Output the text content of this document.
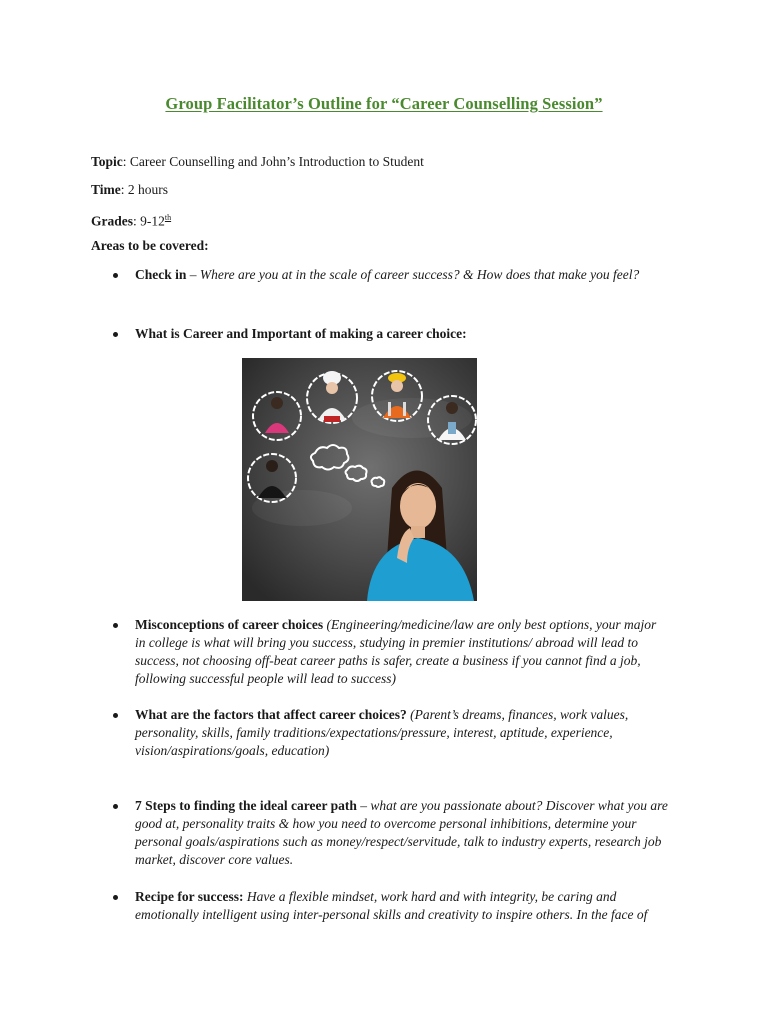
Group Facilitator’s Outline for “Career Counselling Session”
Topic: Career Counselling and John’s Introduction to Student
Time: 2 hours
Grades: 9-12th
Areas to be covered:
Check in – Where are you at in the scale of career success? & How does that make you feel?
What is Career and Important of making a career choice:
Misconceptions of career choices (Engineering/medicine/law are only best options, your major in college is what will bring you success, studying in premier institutions/ abroad will lead to success, not choosing off-beat career paths is safer, create a business if you cannot find a job, following successful people will lead to success)
What are the factors that affect career choices? (Parent’s dreams, finances, work values, personality, skills, family traditions/expectations/pressure, interest, aptitude, experience, vision/aspirations/goals, education)
7 Steps to finding the ideal career path – what are you passionate about? Discover what you are good at, personality traits & how you need to overcome personal inhibitions, determine your personal goals/aspirations such as money/respect/servitude, talk to industry experts, research job market, discover core values.
Recipe for success: Have a flexible mindset, work hard and with integrity, be caring and emotionally intelligent using inter-personal skills and creativity to inspire others. In the face of
